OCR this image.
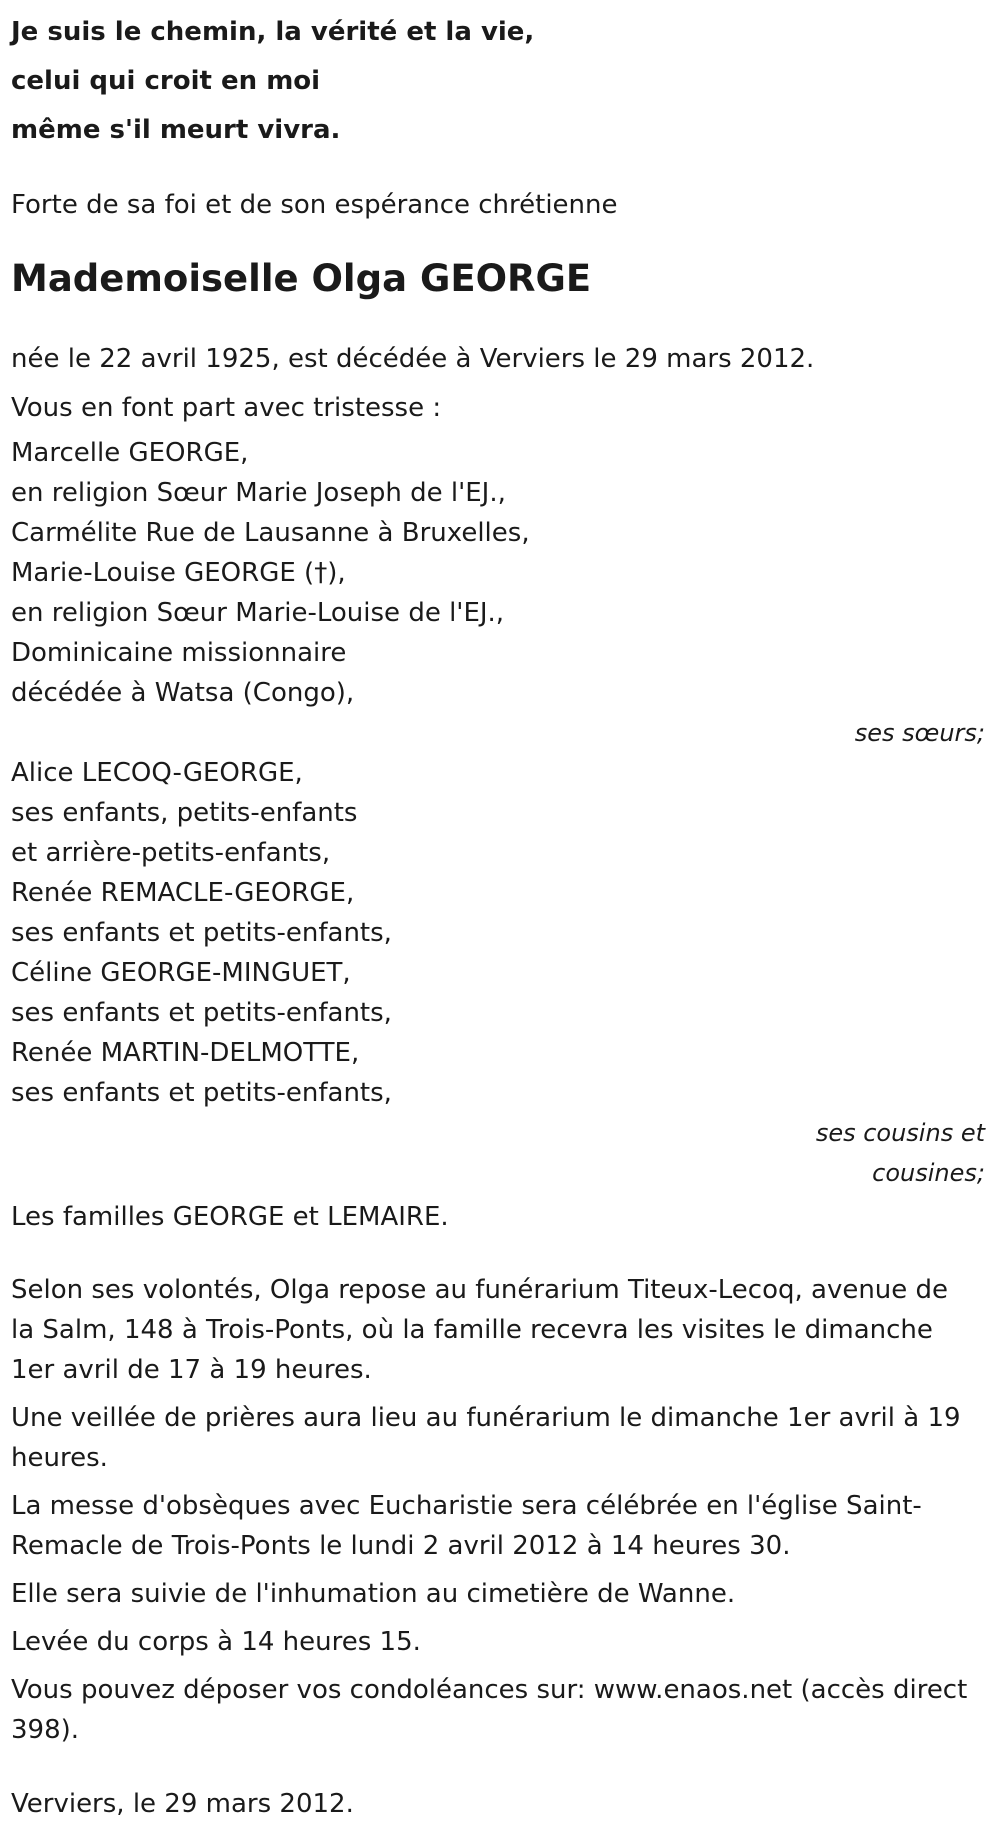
Je suis le chemin, la vérité et la vie,
celui qui croit en moi
même s'il meurt vivra.
Forte de sa foi et de son espérance chrétienne
Mademoiselle Olga GEORGE
née le 22 avril 1925, est décédée à Verviers le 29 mars 2012.
Vous en font part avec tristesse :
Marcelle GEORGE,
en religion Sœur Marie Joseph de l'EJ.,
Carmélite Rue de Lausanne à Bruxelles,
Marie-Louise GEORGE (†),
en religion Sœur Marie-Louise de l'EJ.,
Dominicaine missionnaire
décédée à Watsa (Congo),
ses sœurs;
Alice LECOQ-GEORGE,
ses enfants, petits-enfants
et arrière-petits-enfants,
Renée REMACLE-GEORGE,
ses enfants et petits-enfants,
Céline GEORGE-MINGUET,
ses enfants et petits-enfants,
Renée MARTIN-DELMOTTE,
ses enfants et petits-enfants,
ses cousins et
cousines;
Les familles GEORGE et LEMAIRE.
Selon ses volontés, Olga repose au funérarium Titeux-Lecoq, avenue de
la Salm, 148 à Trois-Ponts, où la famille recevra les visites le dimanche
1er avril de 17 à 19 heures.
Une veillée de prières aura lieu au funérarium le dimanche 1er avril à 19
heures.
La messe d'obsèques avec Eucharistie sera célébrée en l'église Saint-
Remacle de Trois-Ponts le lundi 2 avril 2012 à 14 heures 30.
Elle sera suivie de l'inhumation au cimetière de Wanne.
Levée du corps à 14 heures 15.
Vous pouvez déposer vos condoléances sur: www.enaos.net (accès direct
398).
Verviers, le 29 mars 2012.
